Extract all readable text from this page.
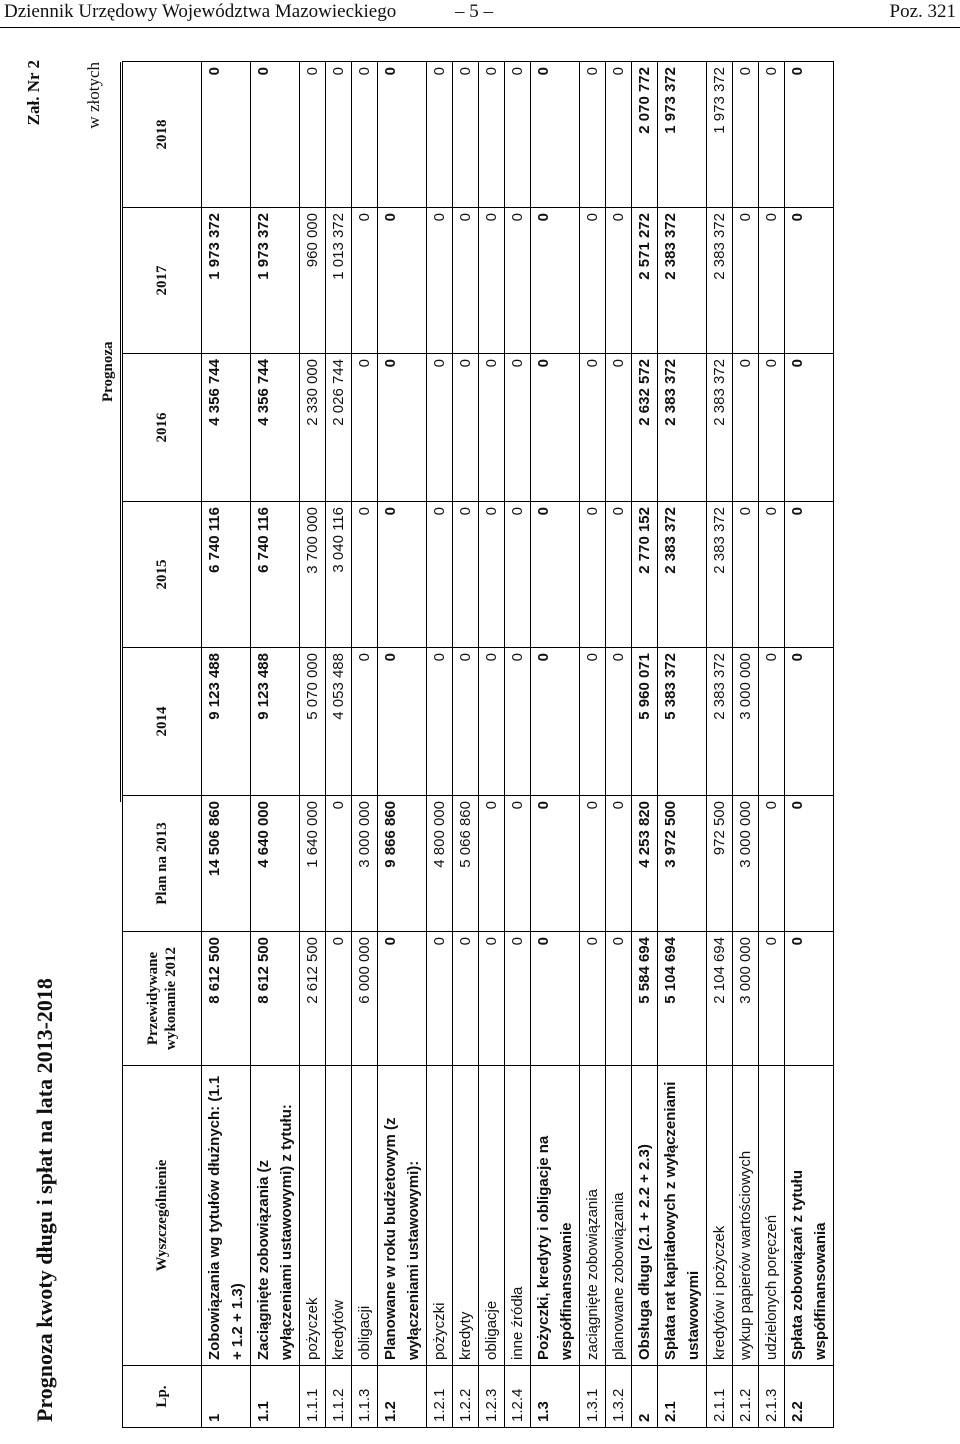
Dziennik Urzędowy Województwa Mazowieckiego	– 5 –	Poz. 321
Prognoza kwoty długu i spłat na lata 2013-2018
Zał. Nr 2 w złotych
Prognoza
Lp.	Wyszczególnienie	Przewidywane wykonanie 2012	Plan na 2013	2014	2015	2016	2017	2018
1	Zobowiązania wg tytułów dłużnych: (1.1 + 1.2 + 1.3)	8 612 500	14 506 860	9 123 488	6 740 116	4 356 744	1 973 372	0
1.1	Zaciągnięte zobowiązania (z wyłączeniami ustawowymi) z tytułu:	8 612 500	4 640 000	9 123 488	6 740 116	4 356 744	1 973 372	0
1.1.1	pożyczek	2 612 500	1 640 000	5 070 000	3 700 000	2 330 000	960 000	0
1.1.2	kredytów	0	0	4 053 488	3 040 116	2 026 744	1 013 372	0
1.1.3	obligacji	6 000 000	3 000 000	0	0	0	0	0
1.2	Planowane w roku budżetowym (z wyłączeniami ustawowymi):	0	9 866 860	0	0	0	0	0
1.2.1	pożyczki	0	4 800 000	0	0	0	0	0
1.2.2	kredyty	0	5 066 860	0	0	0	0	0
1.2.3	obligacje	0	0	0	0	0	0	0
1.2.4	inne źródła	0	0	0	0	0	0	0
1.3	Pożyczki, kredyty i obligacje na współfinansowanie	0	0	0	0	0	0	0
1.3.1	zaciągnięte zobowiązania	0	0	0	0	0	0	0
1.3.2	planowane zobowiązania	0	0	0	0	0	0	0
2	Obsługa długu (2.1 + 2.2 + 2.3)	5 584 694	4 253 820	5 960 071	2 770 152	2 632 572	2 571 272	2 070 772
2.1	Spłata rat kapitałowych z wyłączeniami ustawowymi	5 104 694	3 972 500	5 383 372	2 383 372	2 383 372	2 383 372	1 973 372
2.1.1	kredytów i pożyczek	2 104 694	972 500	2 383 372	2 383 372	2 383 372	2 383 372	1 973 372
2.1.2	wykup papierów wartościowych	3 000 000	3 000 000	3 000 000	0	0	0	0
2.1.3	udzielonych poręczeń	0	0	0	0	0	0	0
2.2	Spłata zobowiązań z tytułu współfinansowania	0	0	0	0	0	0	0
